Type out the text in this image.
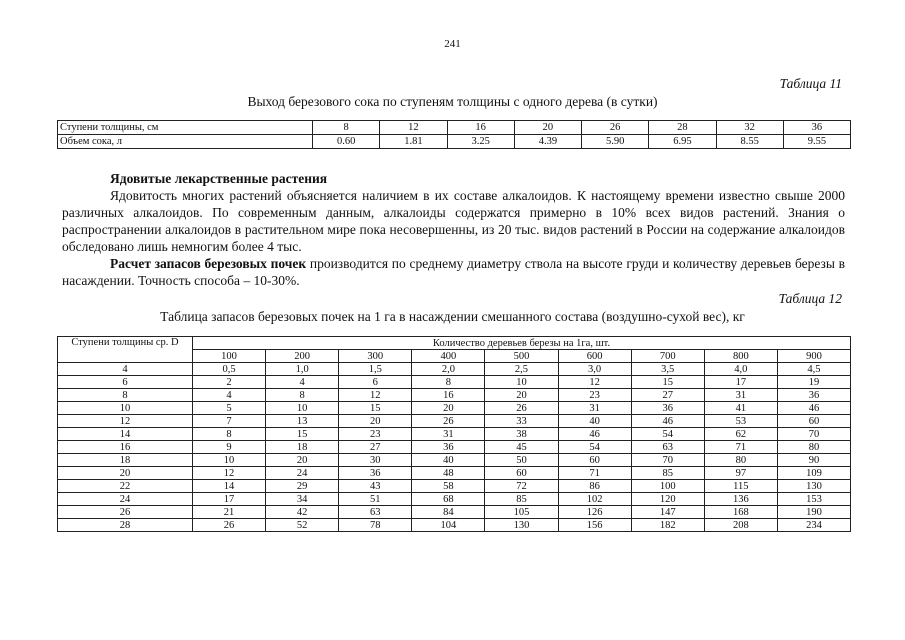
241
Таблица 11
Выход березового сока по ступеням толщины с одного дерева (в сутки)
Ступени толщины, см	8	12	16	20	26	28	32	36
Объем сока, л	0.60	1.81	3.25	4.39	5.90	6.95	8.55	9.55

Ядовитые лекарственные растения

Ядовитость многих растений объясняется наличием в их составе алкалоидов. К настоящему времени известно свыше 2000 различных алкалоидов. По современным данным, алкалоиды содержатся примерно в 10% всех видов растений. Знания о распространении алкалоидов в растительном мире пока несовершенны, из 20 тыс. видов растений в России на содержание алкалоидов обследовано лишь немногим более 4 тыс.

Расчет запасов березовых почек производится по среднему диаметру ствола на высоте груди и количеству деревьев березы в насаждении. Точность способа – 10-30%.

Таблица 12
Таблица запасов березовых почек на 1 га в насаждении смешанного состава (воздушно-сухой вес), кг
Ступени толщины ср. D	Количество деревьев березы на 1га, шт.								
	100	200	300	400	500	600	700	800	900
4	0,5	1,0	1,5	2,0	2,5	3,0	3,5	4,0	4,5
6	2	4	6	8	10	12	15	17	19
8	4	8	12	16	20	23	27	31	36
10	5	10	15	20	26	31	36	41	46
12	7	13	20	26	33	40	46	53	60
14	8	15	23	31	38	46	54	62	70
16	9	18	27	36	45	54	63	71	80
18	10	20	30	40	50	60	70	80	90
20	12	24	36	48	60	71	85	97	109
22	14	29	43	58	72	86	100	115	130
24	17	34	51	68	85	102	120	136	153
26	21	42	63	84	105	126	147	168	190
28	26	52	78	104	130	156	182	208	234
